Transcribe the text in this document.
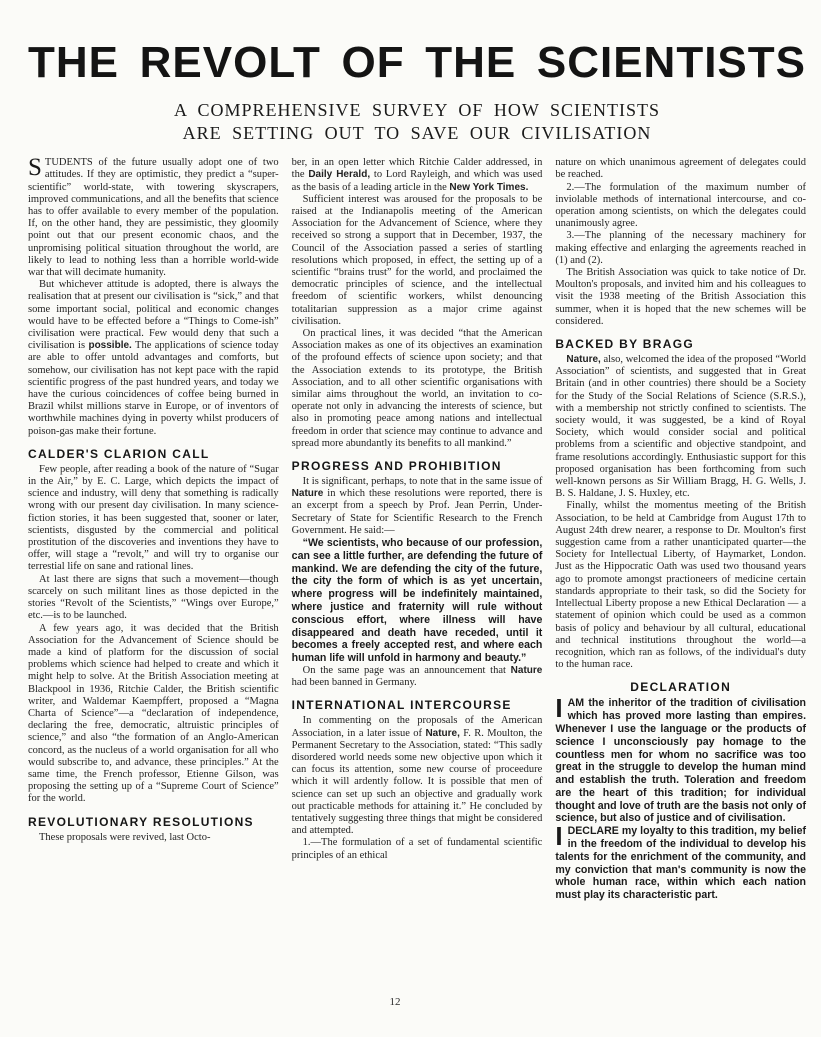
THE REVOLT OF THE SCIENTISTS
A COMPREHENSIVE SURVEY OF HOW SCIENTISTS
ARE SETTING OUT TO SAVE OUR CIVILISATION

STUDENTS of the future usually adopt one of two attitudes. If they are optimistic, they predict a “super-scientific” world-state, with towering skyscrapers, improved communications, and all the benefits that science has to offer available to every member of the population. If, on the other hand, they are pessimistic, they gloomily point out that our present economic chaos, and the unpromising political situation throughout the world, are likely to lead to nothing less than a horrible world-wide war that will decimate humanity.

But whichever attitude is adopted, there is always the realisation that at present our civilisation is “sick,” and that some important social, political and economic changes would have to be effected before a “Things to Come-ish” civilisation were practical. Few would deny that such a civilisation is possible. The applications of science today are able to offer untold advantages and comforts, but somehow, our civilisation has not kept pace with the rapid scientific progress of the past hundred years, and today we have the curious coincidences of coffee being burned in Brazil whilst millions starve in Europe, or of inventors of worthwhile machines dying in poverty whilst producers of poison-gas make their fortune.

CALDER'S CLARION CALL

Few people, after reading a book of the nature of “Sugar in the Air,” by E. C. Large, which depicts the impact of science and industry, will deny that something is radically wrong with our present day civilisation. In many science-fiction stories, it has been suggested that, sooner or later, scientists, disgusted by the commercial and political prostitution of the discoveries and inventions they have to offer, will stage a “revolt,” and will try to organise our terrestial life on sane and rational lines.

At last there are signs that such a movement—though scarcely on such militant lines as those depicted in the stories “Revolt of the Scientists,” “Wings over Europe,” etc.—is to be launched.

A few years ago, it was decided that the British Association for the Advancement of Science should be made a kind of platform for the discussion of social problems which science had helped to create and which it might help to solve. At the British Association meeting at Blackpool in 1936, Ritchie Calder, the British scientific writer, and Waldemar Kaempffert, proposed a “Magna Charta of Science”—a “declaration of independence, declaring the free, democratic, altruistic principles of science,” and also “the formation of an Anglo-American concord, as the nucleus of a world organisation for all who would subscribe to, and advance, these principles.” At the same time, the French professor, Etienne Gilson, was proposing the setting up of a “Supreme Court of Science” for the world.

REVOLUTIONARY RESOLUTIONS

These proposals were revived, last Octo-

ber, in an open letter which Ritchie Calder addressed, in the Daily Herald, to Lord Rayleigh, and which was used as the basis of a leading article in the New York Times.

Sufficient interest was aroused for the proposals to be raised at the Indianapolis meeting of the American Association for the Advancement of Science, where they received so strong a support that in December, 1937, the Council of the Association passed a series of startling resolutions which proposed, in effect, the setting up of a scientific “brains trust” for the world, and proclaimed the democratic principles of science, and the intellectual freedom of scientific workers, whilst denouncing totalitarian suppression as a major crime against civilisation.

On practical lines, it was decided “that the American Association makes as one of its objectives an examination of the profound effects of science upon society; and that the Association extends to its prototype, the British Association, and to all other scientific organisations with similar aims throughout the world, an invitation to co-operate not only in advancing the interests of science, but also in promoting peace among nations and intellectual freedom in order that science may continue to advance and spread more abundantly its benefits to all mankind.”

PROGRESS AND PROHIBITION

It is significant, perhaps, to note that in the same issue of Nature in which these resolutions were reported, there is an excerpt from a speech by Prof. Jean Perrin, Under-Secretary of State for Scientific Research to the French Government. He said:—

“We scientists, who because of our profession, can see a little further, are defending the future of mankind. We are defending the city of the future, the city the form of which is as yet uncertain, where progress will be indefinitely maintained, where justice and fraternity will rule without conscious effort, where illness will have disappeared and death have receded, until it becomes a freely accepted rest, and where each human life will unfold in harmony and beauty.”

On the same page was an announcement that Nature had been banned in Germany.

INTERNATIONAL INTERCOURSE

In commenting on the proposals of the American Association, in a later issue of Nature, F. R. Moulton, the Permanent Secretary to the Association, stated: “This sadly disordered world needs some new objective upon which it can focus its attention, some new course of proceedure which it will ardently follow. It is possible that men of science can set up such an objective and gradually work out practicable methods for attaining it.” He concluded by tentatively suggesting three things that might be considered and attempted.

1.—The formulation of a set of fundamental scientific principles of an ethical

nature on which unanimous agreement of delegates could be reached.

2.—The formulation of the maximum number of inviolable methods of international intercourse, and co-operation among scientists, on which the delegates could unanimously agree.

3.—The planning of the necessary machinery for making effective and enlarging the agreements reached in (1) and (2).

The British Association was quick to take notice of Dr. Moulton's proposals, and invited him and his colleagues to visit the 1938 meeting of the British Association this summer, when it is hoped that the new schemes will be considered.

BACKED BY BRAGG

Nature, also, welcomed the idea of the proposed “World Association” of scientists, and suggested that in Great Britain (and in other countries) there should be a Society for the Study of the Social Relations of Science (S.R.S.), with a membership not strictly confined to scientists. The society would, it was suggested, be a kind of Royal Society, which would consider social and political problems from a scientific and objective standpoint, and frame resolutions accordingly. Enthusiastic support for this proposed organisation has been forthcoming from such well-known persons as Sir William Bragg, H. G. Wells, J. B. S. Haldane, J. S. Huxley, etc.

Finally, whilst the momentus meeting of the British Association, to be held at Cambridge from August 17th to August 24th drew nearer, a response to Dr. Moulton's first suggestion came from a rather unanticipated quarter—the Society for Intellectual Liberty, of Haymarket, London. Just as the Hippocratic Oath was used two thousand years ago to promote amongst practioneers of medicine certain standards appropriate to their task, so did the Society for Intellectual Liberty propose a new Ethical Declaration — a statement of opinion which could be used as a common basis of policy and behaviour by all cultural, educational and technical institutions throughout the world—a recognition, which ran as follows, of the individual's duty to the human race.

DECLARATION

IAM the inheritor of the tradition of civilisation which has proved more lasting than empires. Whenever I use the language or the products of science I unconsciously pay homage to the countless men for whom no sacrifice was too great in the struggle to develop the human mind and establish the truth. Toleration and freedom are the heart of this tradition; for individual thought and love of truth are the basis not only of science, but also of justice and of civilisation.

IDECLARE my loyalty to this tradition, my belief in the freedom of the individual to develop his talents for the enrichment of the community, and my conviction that man's community is now the whole human race, within which each nation must play its characteristic part.

12
